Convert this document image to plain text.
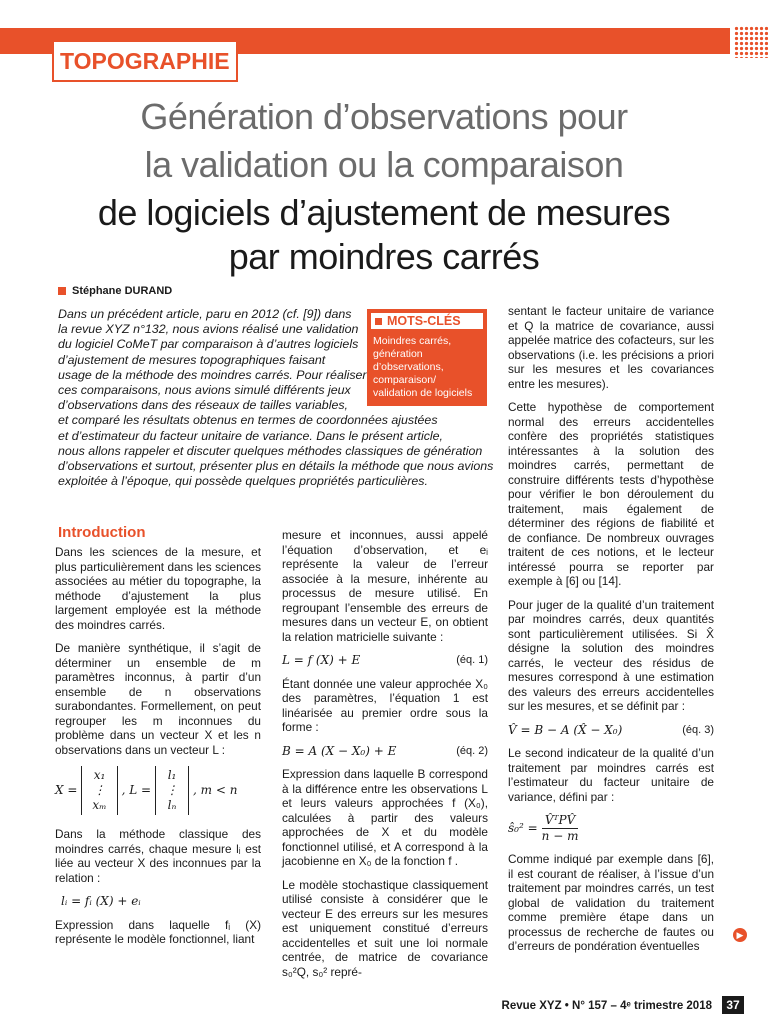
TOPOGRAPHIE
Génération d’observations pour
la validation ou la comparaison
de logiciels d’ajustement de mesures
par moindres carrés
Stéphane DURAND
Dans un précédent article, paru en 2012 (cf. [9]) dans
la revue XYZ n°132, nous avions réalisé une validation
du logiciel CoMeT par comparaison à d’autres logiciels
d’ajustement de mesures topographiques faisant
usage de la méthode des moindres carrés. Pour réaliser
ces comparaisons, nous avions simulé différents jeux
d’observations dans des réseaux de tailles variables,
et comparé les résultats obtenus en termes de coordonnées ajustées
et d’estimateur du facteur unitaire de variance. Dans le présent article,
nous allons rappeler et discuter quelques méthodes classiques de génération
d’observations et surtout, présenter plus en détails la méthode que nous avions
exploitée à l’époque, qui possède quelques propriétés particulières.
MOTS-CLÉS
Moindres carrés,
génération
d’observations,
comparaison/
validation de logiciels
Introduction

Dans les sciences de la mesure, et plus particulièrement dans les sciences associées au métier du topographe, la méthode d’ajustement la plus largement employée est la méthode des moindres carrés.

De manière synthétique, il s’agit de déterminer un ensemble de m paramètres inconnus, à partir d’un ensemble de n observations surabondantes. Formellement, on peut regrouper les m inconnues du problème dans un vecteur X et les n observations dans un vecteur L :

X =
x₁
⋮
xₘ
, L =
l₁
⋮
lₙ
, m < n

Dans la méthode classique des moindres carrés, chaque mesure lᵢ est liée au vecteur X des inconnues par la relation :

lᵢ = fᵢ (X) + eᵢ

Expression dans laquelle fᵢ (X) représente le modèle fonctionnel, liant

mesure et inconnues, aussi appelé l’équation d’observation, et eᵢ représente la valeur de l’erreur associée à la mesure, inhérente au processus de mesure utilisé. En regroupant l’ensemble des erreurs de mesures dans un vecteur E, on obtient la relation matricielle suivante :

L = f (X) + E	(éq. 1)

Étant donnée une valeur approchée X₀ des paramètres, l’équation 1 est linéarisée au premier ordre sous la forme :

B = A (X − X₀) + E	(éq. 2)

Expression dans laquelle B correspond à la différence entre les observations L et leurs valeurs approchées f (X₀), calculées à partir des valeurs approchées de X et du modèle fonctionnel utilisé, et A correspond à la jacobienne en X₀ de la fonction f .

Le modèle stochastique classiquement utilisé consiste à considérer que le vecteur E des erreurs sur les mesures est uniquement constitué d’erreurs accidentelles et suit une loi normale centrée, de matrice de covariance s₀²Q, s₀² repré-

sentant le facteur unitaire de variance et Q la matrice de covariance, aussi appelée matrice des cofacteurs, sur les observations (i.e. les précisions a priori sur les mesures et les covariances entre les mesures).

Cette hypothèse de comportement normal des erreurs accidentelles confère des propriétés statistiques intéressantes à la solution des moindres carrés, permettant de construire différents tests d’hypothèse pour vérifier le bon déroulement du traitement, mais également de déterminer des régions de fiabilité et de confiance. De nombreux ouvrages traitent de ces notions, et le lecteur intéressé pourra se reporter par exemple à [6] ou [14].

Pour juger de la qualité d’un traitement par moindres carrés, deux quantités sont particulièrement utilisées. Si X̂ désigne la solution des moindres carrés, le vecteur des résidus de mesures correspond à une estimation des valeurs des erreurs accidentelles sur les mesures, et se définit par :

V̂ = B − A (X̂ − X₀)	(éq. 3)

Le second indicateur de la qualité d’un traitement par moindres carrés est l’estimateur du facteur unitaire de variance, défini par :

ŝ₀² = $\frac{\text{V̂ᵀPV̂}}{n - m}$

Comme indiqué par exemple dans [6], il est courant de réaliser, à l’issue d’un traitement par moindres carrés, un test global de validation du traitement comme première étape dans un processus de recherche de fautes ou d’erreurs de pondération éventuelles

▶
Revue XYZ • N° 157 – 4ᵉ trimestre 2018	37
